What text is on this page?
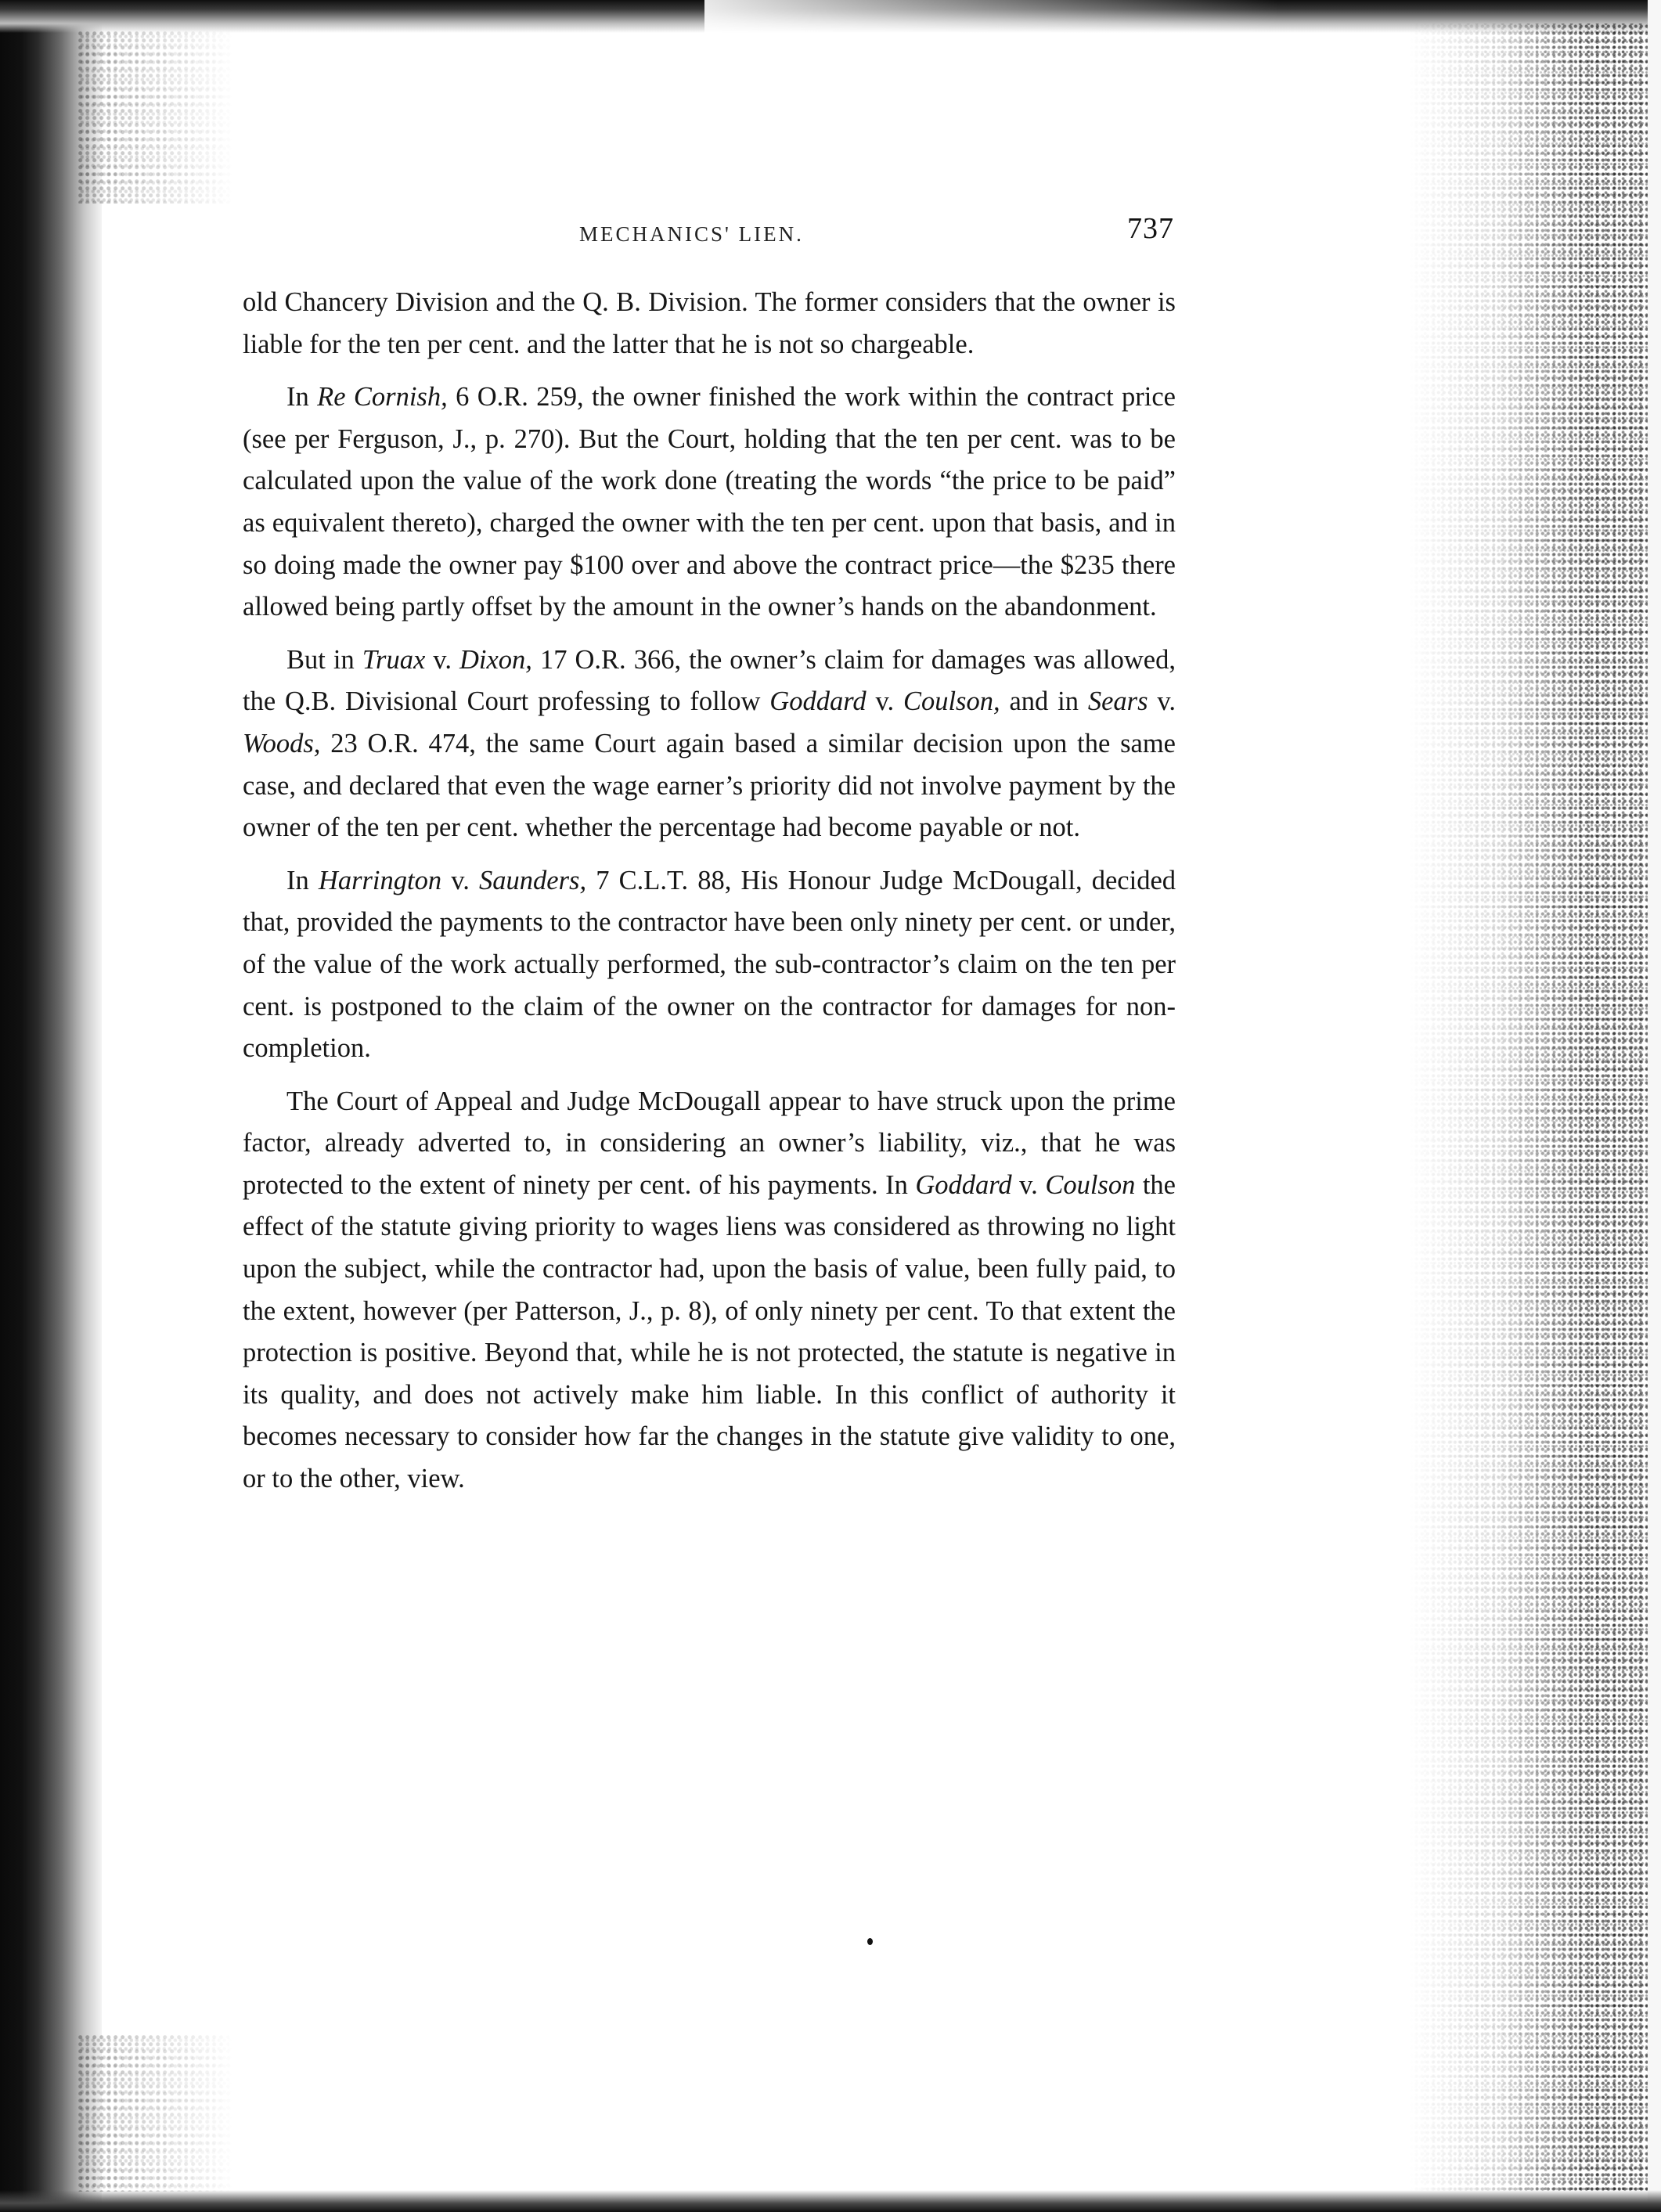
MECHANICS' LIEN.	737

old Chancery Division and the Q. B. Division. The former considers that the owner is liable for the ten per cent. and the latter that he is not so chargeable.

In Re Cornish, 6 O.R. 259, the owner finished the work within the contract price (see per Ferguson, J., p. 270). But the Court, holding that the ten per cent. was to be calculated upon the value of the work done (treating the words “the price to be paid” as equivalent thereto), charged the owner with the ten per cent. upon that basis, and in so doing made the owner pay $100 over and above the contract price—the $235 there allowed being partly offset by the amount in the owner’s hands on the abandonment.

But in Truax v. Dixon, 17 O.R. 366, the owner’s claim for damages was allowed, the Q.B. Divisional Court professing to follow Goddard v. Coulson, and in Sears v. Woods, 23 O.R. 474, the same Court again based a similar decision upon the same case, and declared that even the wage earner’s priority did not involve payment by the owner of the ten per cent. whether the percentage had become payable or not.

In Harrington v. Saunders, 7 C.L.T. 88, His Honour Judge McDougall, decided that, provided the payments to the contractor have been only ninety per cent. or under, of the value of the work actually performed, the sub-contractor’s claim on the ten per cent. is postponed to the claim of the owner on the contractor for damages for non-completion.

The Court of Appeal and Judge McDougall appear to have struck upon the prime factor, already adverted to, in considering an owner’s liability, viz., that he was protected to the extent of ninety per cent. of his payments. In Goddard v. Coulson the effect of the statute giving priority to wages liens was considered as throwing no light upon the subject, while the contractor had, upon the basis of value, been fully paid, to the extent, however (per Patterson, J., p. 8), of only ninety per cent. To that extent the protection is positive. Beyond that, while he is not protected, the statute is negative in its quality, and does not actively make him liable. In this conflict of authority it becomes necessary to consider how far the changes in the statute give validity to one, or to the other, view.
